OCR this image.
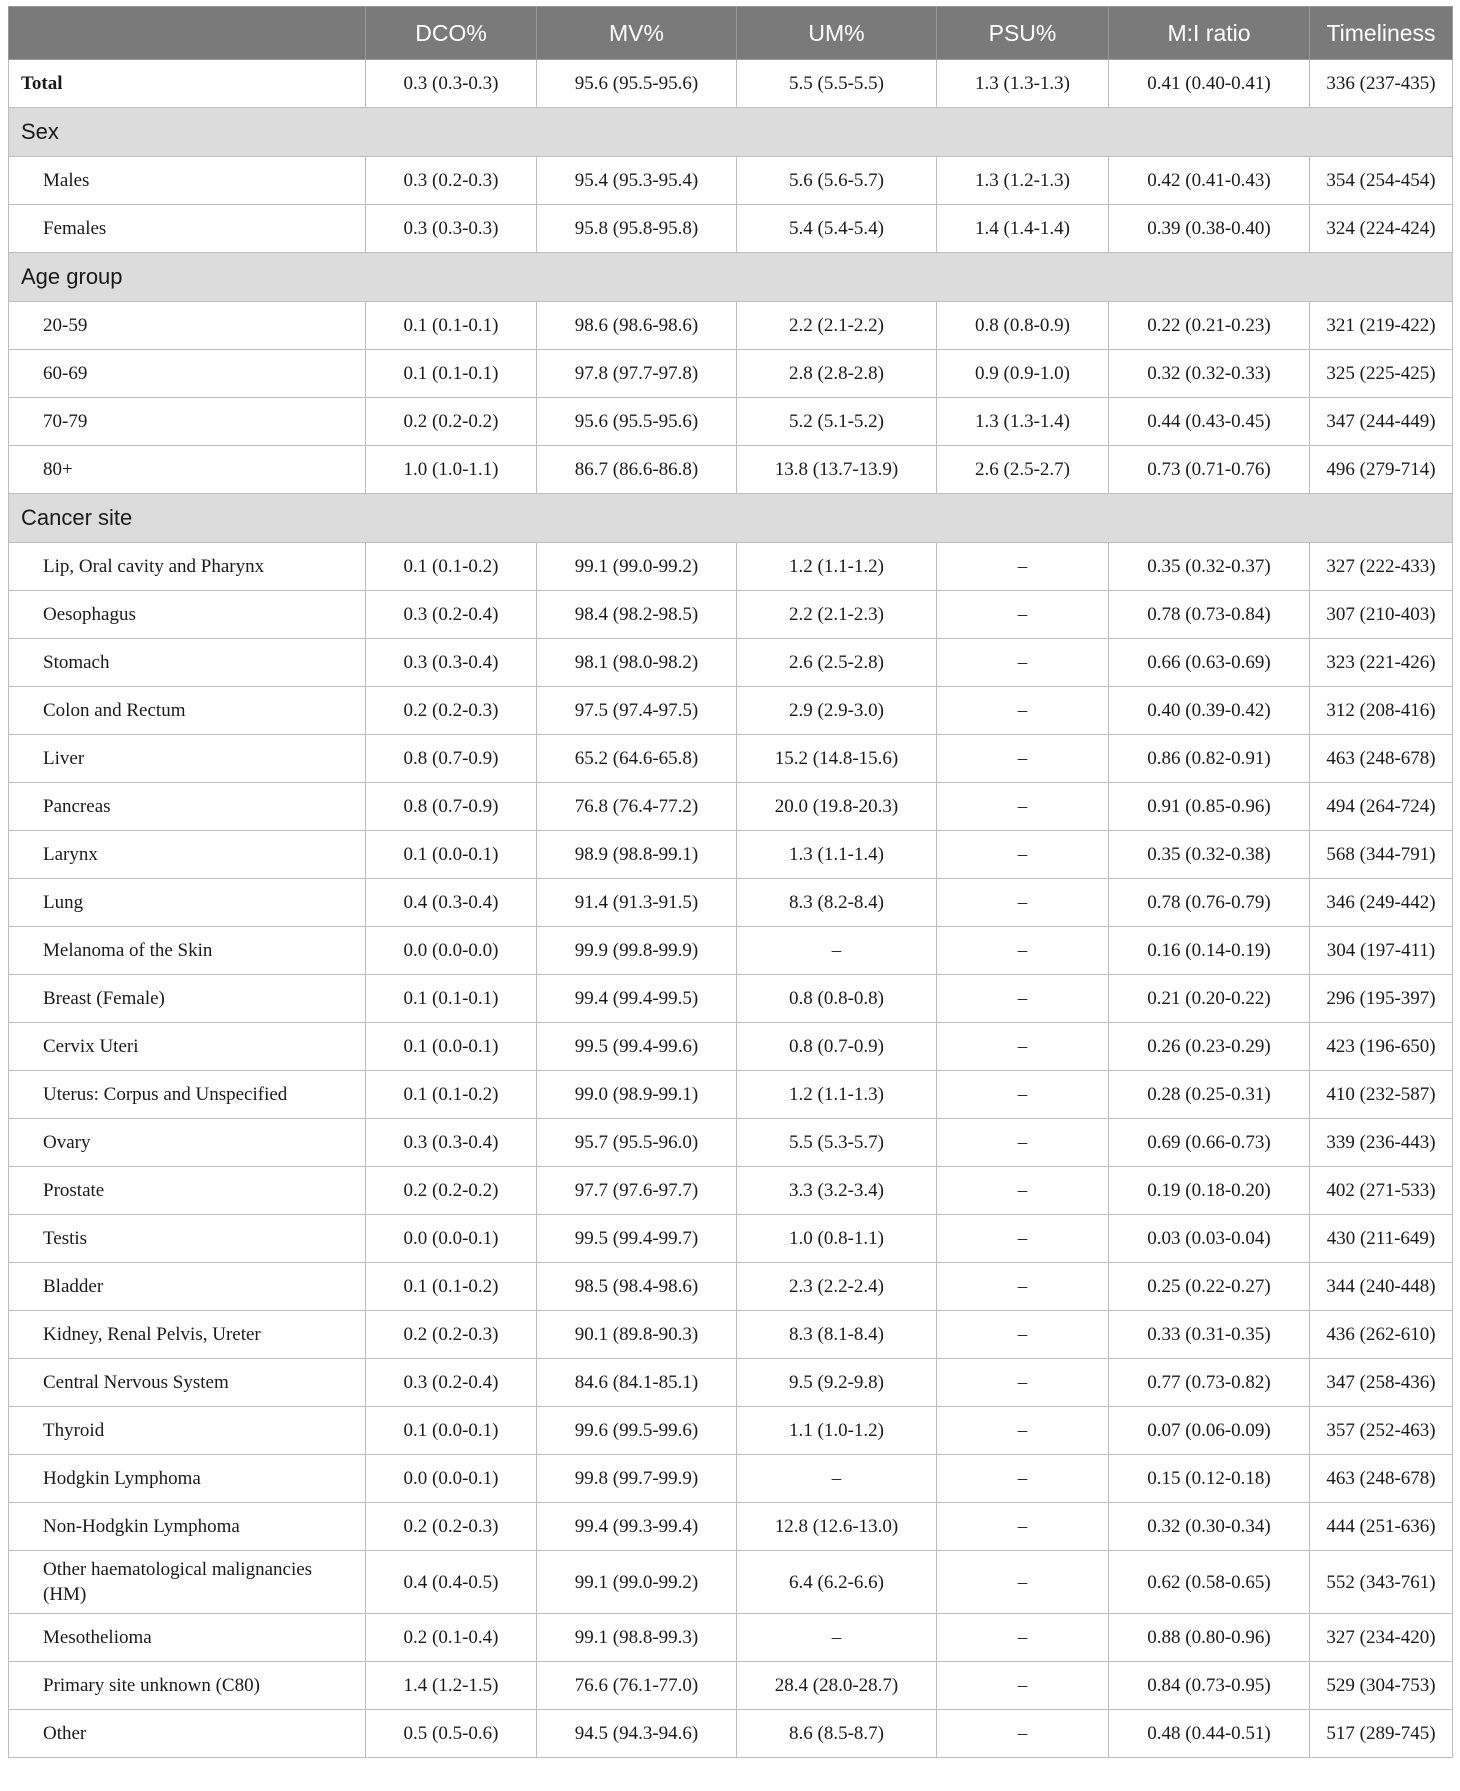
	DCO%	MV%	UM%	PSU%	M:I ratio	Timeliness
Total	0.3 (0.3-0.3)	95.6 (95.5-95.6)	5.5 (5.5-5.5)	1.3 (1.3-1.3)	0.41 (0.40-0.41)	336 (237-435)
Sex						
Males	0.3 (0.2-0.3)	95.4 (95.3-95.4)	5.6 (5.6-5.7)	1.3 (1.2-1.3)	0.42 (0.41-0.43)	354 (254-454)
Females	0.3 (0.3-0.3)	95.8 (95.8-95.8)	5.4 (5.4-5.4)	1.4 (1.4-1.4)	0.39 (0.38-0.40)	324 (224-424)
Age group						
20-59	0.1 (0.1-0.1)	98.6 (98.6-98.6)	2.2 (2.1-2.2)	0.8 (0.8-0.9)	0.22 (0.21-0.23)	321 (219-422)
60-69	0.1 (0.1-0.1)	97.8 (97.7-97.8)	2.8 (2.8-2.8)	0.9 (0.9-1.0)	0.32 (0.32-0.33)	325 (225-425)
70-79	0.2 (0.2-0.2)	95.6 (95.5-95.6)	5.2 (5.1-5.2)	1.3 (1.3-1.4)	0.44 (0.43-0.45)	347 (244-449)
80+	1.0 (1.0-1.1)	86.7 (86.6-86.8)	13.8 (13.7-13.9)	2.6 (2.5-2.7)	0.73 (0.71-0.76)	496 (279-714)
Cancer site						
Lip, Oral cavity and Pharynx	0.1 (0.1-0.2)	99.1 (99.0-99.2)	1.2 (1.1-1.2)	–	0.35 (0.32-0.37)	327 (222-433)
Oesophagus	0.3 (0.2-0.4)	98.4 (98.2-98.5)	2.2 (2.1-2.3)	–	0.78 (0.73-0.84)	307 (210-403)
Stomach	0.3 (0.3-0.4)	98.1 (98.0-98.2)	2.6 (2.5-2.8)	–	0.66 (0.63-0.69)	323 (221-426)
Colon and Rectum	0.2 (0.2-0.3)	97.5 (97.4-97.5)	2.9 (2.9-3.0)	–	0.40 (0.39-0.42)	312 (208-416)
Liver	0.8 (0.7-0.9)	65.2 (64.6-65.8)	15.2 (14.8-15.6)	–	0.86 (0.82-0.91)	463 (248-678)
Pancreas	0.8 (0.7-0.9)	76.8 (76.4-77.2)	20.0 (19.8-20.3)	–	0.91 (0.85-0.96)	494 (264-724)
Larynx	0.1 (0.0-0.1)	98.9 (98.8-99.1)	1.3 (1.1-1.4)	–	0.35 (0.32-0.38)	568 (344-791)
Lung	0.4 (0.3-0.4)	91.4 (91.3-91.5)	8.3 (8.2-8.4)	–	0.78 (0.76-0.79)	346 (249-442)
Melanoma of the Skin	0.0 (0.0-0.0)	99.9 (99.8-99.9)	–	–	0.16 (0.14-0.19)	304 (197-411)
Breast (Female)	0.1 (0.1-0.1)	99.4 (99.4-99.5)	0.8 (0.8-0.8)	–	0.21 (0.20-0.22)	296 (195-397)
Cervix Uteri	0.1 (0.0-0.1)	99.5 (99.4-99.6)	0.8 (0.7-0.9)	–	0.26 (0.23-0.29)	423 (196-650)
Uterus: Corpus and Unspecified	0.1 (0.1-0.2)	99.0 (98.9-99.1)	1.2 (1.1-1.3)	–	0.28 (0.25-0.31)	410 (232-587)
Ovary	0.3 (0.3-0.4)	95.7 (95.5-96.0)	5.5 (5.3-5.7)	–	0.69 (0.66-0.73)	339 (236-443)
Prostate	0.2 (0.2-0.2)	97.7 (97.6-97.7)	3.3 (3.2-3.4)	–	0.19 (0.18-0.20)	402 (271-533)
Testis	0.0 (0.0-0.1)	99.5 (99.4-99.7)	1.0 (0.8-1.1)	–	0.03 (0.03-0.04)	430 (211-649)
Bladder	0.1 (0.1-0.2)	98.5 (98.4-98.6)	2.3 (2.2-2.4)	–	0.25 (0.22-0.27)	344 (240-448)
Kidney, Renal Pelvis, Ureter	0.2 (0.2-0.3)	90.1 (89.8-90.3)	8.3 (8.1-8.4)	–	0.33 (0.31-0.35)	436 (262-610)
Central Nervous System	0.3 (0.2-0.4)	84.6 (84.1-85.1)	9.5 (9.2-9.8)	–	0.77 (0.73-0.82)	347 (258-436)
Thyroid	0.1 (0.0-0.1)	99.6 (99.5-99.6)	1.1 (1.0-1.2)	–	0.07 (0.06-0.09)	357 (252-463)
Hodgkin Lymphoma	0.0 (0.0-0.1)	99.8 (99.7-99.9)	–	–	0.15 (0.12-0.18)	463 (248-678)
Non-Hodgkin Lymphoma	0.2 (0.2-0.3)	99.4 (99.3-99.4)	12.8 (12.6-13.0)	–	0.32 (0.30-0.34)	444 (251-636)
Other haematological malignancies (HM)	0.4 (0.4-0.5)	99.1 (99.0-99.2)	6.4 (6.2-6.6)	–	0.62 (0.58-0.65)	552 (343-761)
Mesothelioma	0.2 (0.1-0.4)	99.1 (98.8-99.3)	–	–	0.88 (0.80-0.96)	327 (234-420)
Primary site unknown (C80)	1.4 (1.2-1.5)	76.6 (76.1-77.0)	28.4 (28.0-28.7)	–	0.84 (0.73-0.95)	529 (304-753)
Other	0.5 (0.5-0.6)	94.5 (94.3-94.6)	8.6 (8.5-8.7)	–	0.48 (0.44-0.51)	517 (289-745)
